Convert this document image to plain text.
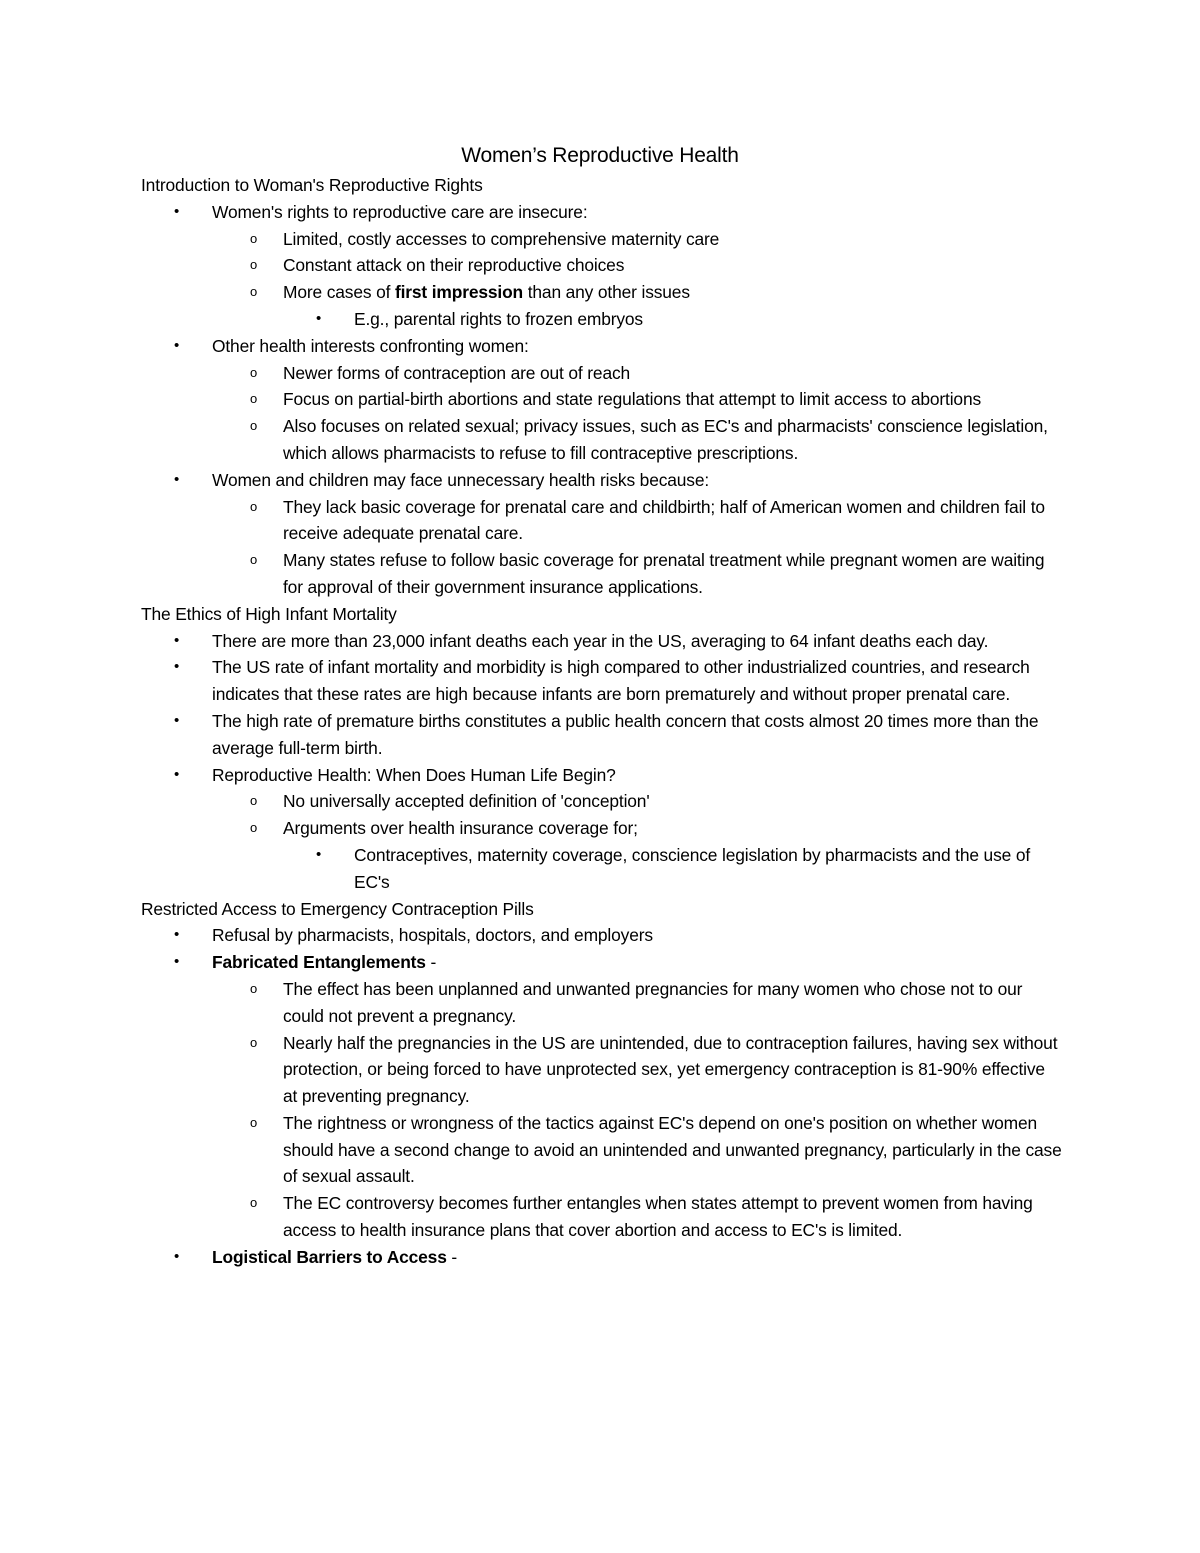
Women’s Reproductive Health
Introduction to Woman's Reproductive Rights
• Women's rights to reproductive care are insecure:
o Limited, costly accesses to comprehensive maternity care
o Constant attack on their reproductive choices
o More cases of first impression than any other issues
• E.g., parental rights to frozen embryos
• Other health interests confronting women:
o Newer forms of contraception are out of reach
o Focus on partial-birth abortions and state regulations that attempt to limit access to abortions
o Also focuses on related sexual; privacy issues, such as EC's and pharmacists' conscience legislation, which allows pharmacists to refuse to fill contraceptive prescriptions.
• Women and children may face unnecessary health risks because:
o They lack basic coverage for prenatal care and childbirth; half of American women and children fail to receive adequate prenatal care.
o Many states refuse to follow basic coverage for prenatal treatment while pregnant women are waiting for approval of their government insurance applications.
The Ethics of High Infant Mortality
• There are more than 23,000 infant deaths each year in the US, averaging to 64 infant deaths each day.
• The US rate of infant mortality and morbidity is high compared to other industrialized countries, and research indicates that these rates are high because infants are born prematurely and without proper prenatal care.
• The high rate of premature births constitutes a public health concern that costs almost 20 times more than the average full-term birth.
• Reproductive Health: When Does Human Life Begin?
o No universally accepted definition of 'conception'
o Arguments over health insurance coverage for;
• Contraceptives, maternity coverage, conscience legislation by pharmacists and the use of EC's
Restricted Access to Emergency Contraception Pills
• Refusal by pharmacists, hospitals, doctors, and employers
• Fabricated Entanglements -
o The effect has been unplanned and unwanted pregnancies for many women who chose not to our could not prevent a pregnancy.
o Nearly half the pregnancies in the US are unintended, due to contraception failures, having sex without protection, or being forced to have unprotected sex, yet emergency contraception is 81-90% effective at preventing pregnancy.
o The rightness or wrongness of the tactics against EC's depend on one's position on whether women should have a second change to avoid an unintended and unwanted pregnancy, particularly in the case of sexual assault.
o The EC controversy becomes further entangles when states attempt to prevent women from having access to health insurance plans that cover abortion and access to EC's is limited.
• Logistical Barriers to Access -
